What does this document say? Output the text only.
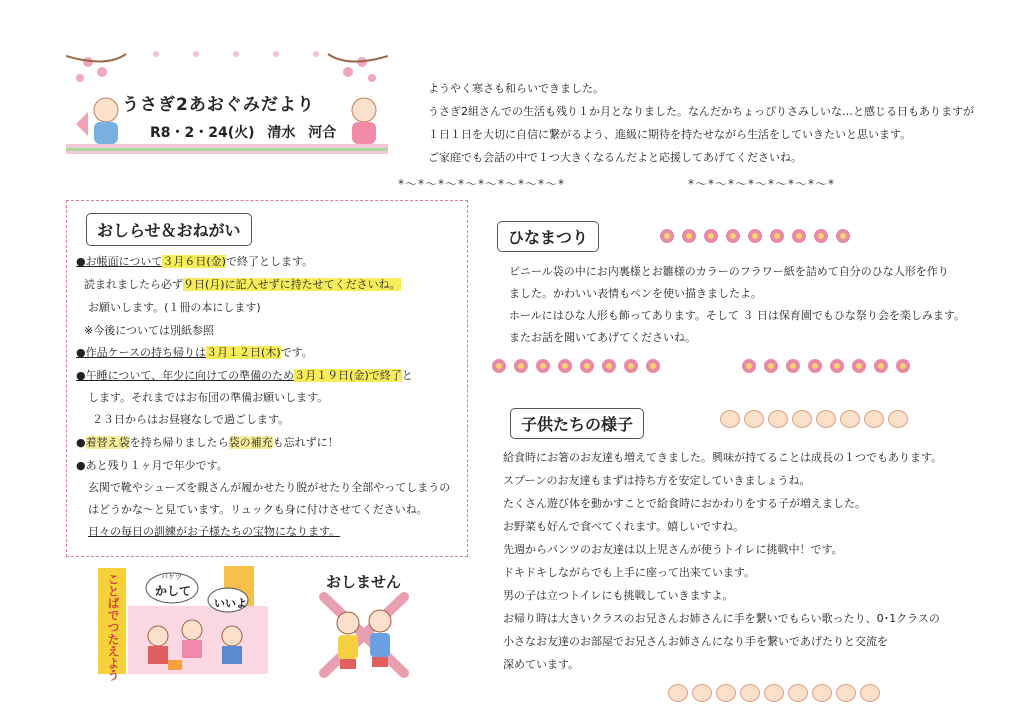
うさぎ2あおぐみだより
R8・2・24(火) 清水 河合
ようやく寒さも和らいできました。
うさぎ2組さんでの生活も残り１か月となりました。なんだかちょっぴりさみしいな…と感じる日もありますが
１日１日を大切に自信に繋がるよう、進級に期待を持たせながら生活をしていきたいと思います。
ご家庭でも会話の中で１つ大きくなるんだよと応援してあげてくださいね。
*～*～*～*～*～*～*～*～*	*～*～*～*～*～*～*～*
おしらせ＆おねがい
●お帳面について３月６日(金)で終了とします。
読まれましたら必ず９日(月)に記入せずに持たせてくださいね。
お願いします。(１冊の本にします)
※今後については別紙参照
●作品ケースの持ち帰りは３月１２日(木)です。
●午睡について、年少に向けての準備のため３月１９日(金)で終了と
します。それまではお布団の準備お願いします。
２３日からはお昼寝なしで過ごします。
●着替え袋を持ち帰りましたら袋の補充も忘れずに！
●あと残り１ヶ月で年少です。
玄関で靴やシューズを親さんが履かせたり脱がせたり全部やってしまうの
はどうかな～と見ています。リュックも身に付けさせてくださいね。
日々の毎日の訓練がお子様たちの宝物になります。
ひなまつり
ビニール袋の中にお内裏様とお雛様のカラーのフラワー紙を詰めて自分のひな人形を作り
ました。かわいい表情もペンを使い描きましたよ。
ホールにはひな人形も飾ってあります。そして ３ 日は保育園でもひな祭り会を楽しみます。
またお話を聞いてあげてくださいね。
子供たちの様子
給食時にお箸のお友達も増えてきました。興味が持てることは成長の１つでもあります。
スプーンのお友達もまずは持ち方を安定していきましょうね。
たくさん遊び体を動かすことで給食時におかわりをする子が増えました。
お野菜も好んで食べてくれます。嬉しいですね。
先週からパンツのお友達は以上児さんが使うトイレに挑戦中！です。
ドキドキしながらでも上手に座って出来ています。
男の子は立つトイレにも挑戦していきますよ。
お帰り時は大きいクラスのお兄さんお姉さんに手を繋いでもらい歌ったり、0･1クラスの
小さなお友達のお部屋でお兄さんお姉さんになり手を繋いであげたりと交流を
深めています。
ことばでつたえよう	バケツ
かして
いいよ
おしません
